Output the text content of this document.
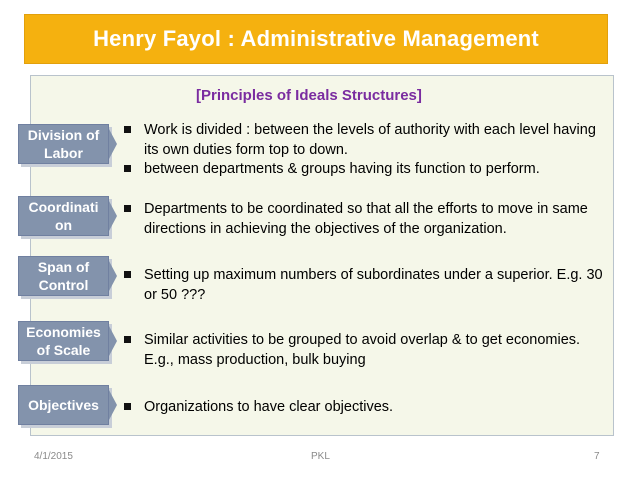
Henry Fayol : Administrative Management
[Principles of Ideals Structures]
Division of
Labor
Work is divided : between the levels of authority with each level having its own duties form top to down.
between departments & groups having its function to perform.
Coordinati
on
Departments to be coordinated so that all the efforts to move in same directions in achieving the objectives of the organization.
Span of
Control
Setting up maximum numbers of subordinates under a superior. E.g. 30 or 50 ???
Economies
of Scale
Similar activities to be grouped to avoid overlap & to get economies. E.g., mass production, bulk buying
Objectives	Organizations to have clear objectives.
4/1/2015	PKL	7
